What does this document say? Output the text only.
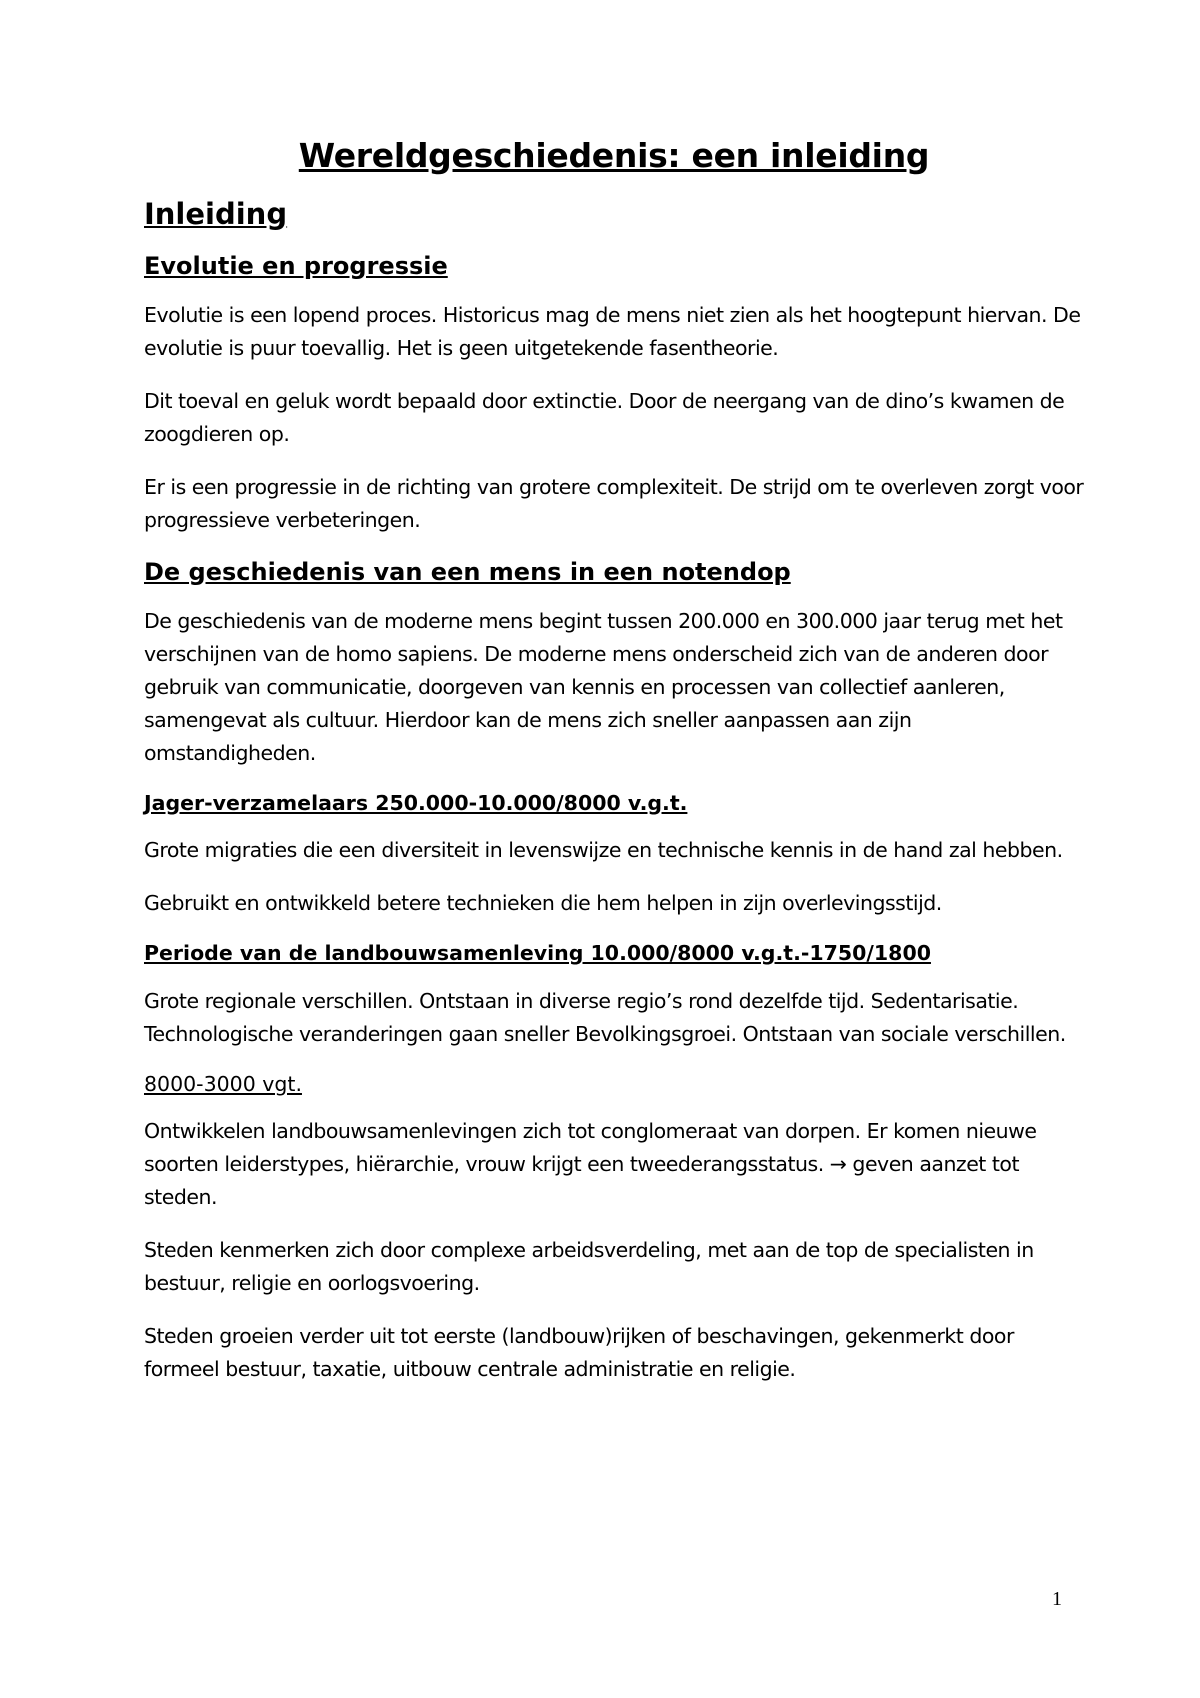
Wereldgeschiedenis: een inleiding
Inleiding
Evolutie en progressie

Evolutie is een lopend proces. Historicus mag de mens niet zien als het hoogtepunt hiervan. De evolutie is puur toevallig. Het is geen uitgetekende fasentheorie.

Dit toeval en geluk wordt bepaald door extinctie. Door de neergang van de dino’s kwamen de zoogdieren op.

Er is een progressie in de richting van grotere complexiteit. De strijd om te overleven zorgt voor progressieve verbeteringen.

De geschiedenis van een mens in een notendop

De geschiedenis van de moderne mens begint tussen 200.000 en 300.000 jaar terug met het verschijnen van de homo sapiens. De moderne mens onderscheid zich van de anderen door gebruik van communicatie, doorgeven van kennis en processen van collectief aanleren, samengevat als cultuur. Hierdoor kan de mens zich sneller aanpassen aan zijn omstandigheden.

Jager-verzamelaars 250.000-10.000/8000 v.g.t.

Grote migraties die een diversiteit in levenswijze en technische kennis in de hand zal hebben.

Gebruikt en ontwikkeld betere technieken die hem helpen in zijn overlevingsstijd.

Periode van de landbouwsamenleving 10.000/8000 v.g.t.-1750/1800

Grote regionale verschillen. Ontstaan in diverse regio’s rond dezelfde tijd. Sedentarisatie. Technologische veranderingen gaan sneller Bevolkingsgroei. Ontstaan van sociale verschillen.

8000-3000 vgt.

Ontwikkelen landbouwsamenlevingen zich tot conglomeraat van dorpen. Er komen nieuwe soorten leiderstypes, hiërarchie, vrouw krijgt een tweederangsstatus. → geven aanzet tot steden.

Steden kenmerken zich door complexe arbeidsverdeling, met aan de top de specialisten in bestuur, religie en oorlogsvoering.

Steden groeien verder uit tot eerste (landbouw)rijken of beschavingen, gekenmerkt door formeel bestuur, taxatie, uitbouw centrale administratie en religie.

1
